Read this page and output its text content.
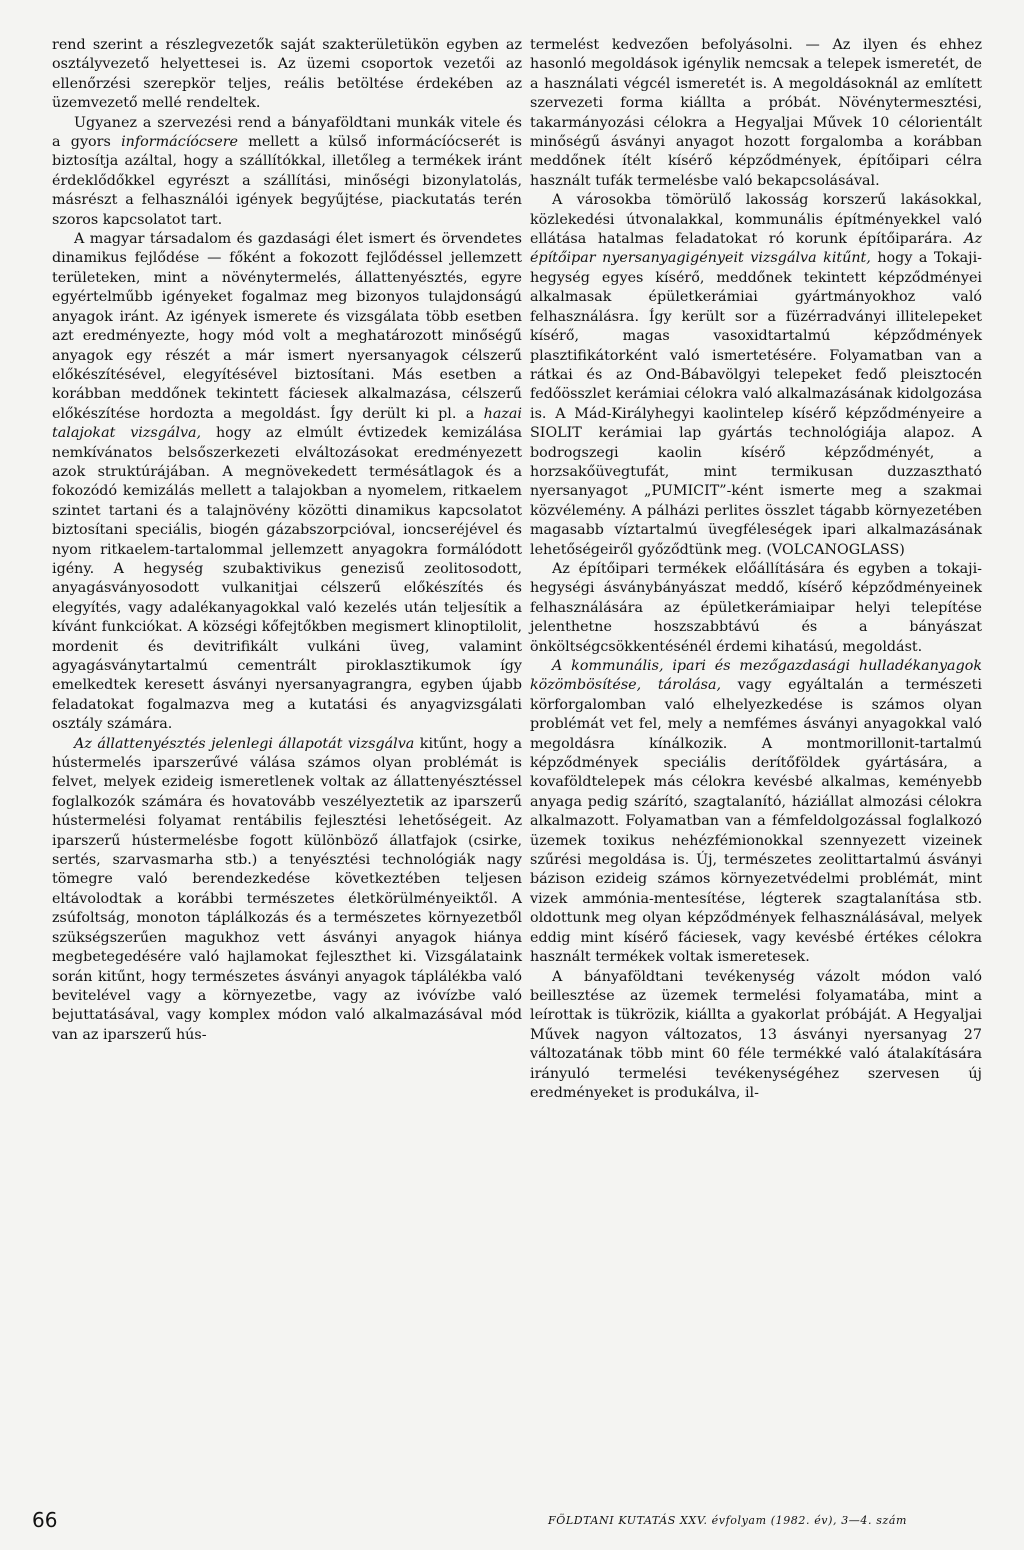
rend szerint a részlegvezetők saját szakterületükön egyben az osztályvezető helyettesei is. Az üzemi csoportok vezetői az ellenőrzési szerepkör teljes, reális betöltése érdekében az üzemvezető mellé rendeltek.

Ugyanez a szervezési rend a bányaföldtani munkák vitele és a gyors informácíócsere mellett a külső informácíócserét is biztosítja azáltal, hogy a szállítókkal, illetőleg a termékek iránt érdeklődőkkel egyrészt a szállítási, minőségi bizonylatolás, másrészt a felhasználói igények begyűjtése, piackutatás terén szoros kapcsolatot tart.

A magyar társadalom és gazdasági élet ismert és örvendetes dinamikus fejlődése — főként a fokozott fejlődéssel jellemzett területeken, mint a növénytermelés, állattenyésztés, egyre egyértelműbb igényeket fogalmaz meg bizonyos tulajdonságú anyagok iránt. Az igények ismerete és vizsgálata több esetben azt eredményezte, hogy mód volt a meghatározott minőségű anyagok egy részét a már ismert nyersanyagok célszerű előkészítésével, elegyítésével biztosítani. Más esetben a korábban meddőnek tekintett fáciesek alkalmazása, célszerű előkészítése hordozta a megoldást. Így derült ki pl. a hazai talajokat vizsgálva, hogy az elmúlt évtizedek kemizálása nemkívánatos belsőszerkezeti elváltozásokat eredményezett azok struktúrájában. A megnövekedett termésátlagok és a fokozódó kemizálás mellett a talajokban a nyomelem, ritkaelem szintet tartani és a talajnövény közötti dinamikus kapcsolatot biztosítani speciális, biogén gázabszorpcióval, ioncseréjével és nyom ritkaelem-tartalommal jellemzett anyagokra formálódott igény. A hegység szubaktivikus genezisű zeolitosodott, anyagásványosodott vulkanitjai célszerű előkészítés és elegyítés, vagy adalékanyagokkal való kezelés után teljesítik a kívánt funkciókat. A községi kőfejtőkben megismert klinoptilolit, mordenit és devitrifikált vulkáni üveg, valamint agyagásványtartalmú cementrált piroklasztikumok így emelkedtek keresett ásványi nyersanyagrangra, egyben újabb feladatokat fogalmazva meg a kutatási és anyagvizsgálati osztály számára.

Az állattenyésztés jelenlegi állapotát vizsgálva kitűnt, hogy a hústermelés iparszerűvé válása számos olyan problémát is felvet, melyek ezideig ismeretlenek voltak az állattenyésztéssel foglalkozók számára és hovatovább veszélyeztetik az iparszerű hústermelési folyamat rentábilis fejlesztési lehetőségeit. Az iparszerű hústermelésbe fogott különböző állatfajok (csirke, sertés, szarvasmarha stb.) a tenyésztési technológiák nagy tömegre való berendezkedése következtében teljesen eltávolodtak a korábbi természetes életkörülményeiktől. A zsúfoltság, monoton táplálkozás és a természetes környezetből szükségszerűen magukhoz vett ásványi anyagok hiánya megbetegedésére való hajlamokat fejleszthet ki. Vizsgálataink során kitűnt, hogy természetes ásványi anyagok táplálékba való bevitelével vagy a környezetbe, vagy az ivóvízbe való bejuttatásával, vagy komplex módon való alkalmazásával mód van az iparszerű hús-

termelést kedvezően befolyásolni. — Az ilyen és ehhez hasonló megoldások igénylik nemcsak a telepek ismeretét, de a használati végcél ismeretét is. A megoldásoknál az említett szervezeti forma kiállta a próbát. Növénytermesztési, takarmányozási célokra a Hegyaljai Művek 10 célorientált minőségű ásványi anyagot hozott forgalomba a korábban meddőnek ítélt kísérő képződmények, építőipari célra használt tufák termelésbe való bekapcsolásával.

A városokba tömörülő lakosság korszerű lakásokkal, közlekedési útvonalakkal, kommunális építményekkel való ellátása hatalmas feladatokat ró korunk építőiparára. Az építőipar nyersanyagigényeit vizsgálva kitűnt, hogy a Tokaji-hegység egyes kísérő, meddőnek tekintett képződményei alkalmasak épületkerámiai gyártmányokhoz való felhasználásra. Így került sor a füzérradványi illitelepeket kísérő, magas vasoxidtartalmú képződmények plasztifikátorként való ismertetésére. Folyamatban van a rátkai és az Ond-Bábavölgyi telepeket fedő pleisztocén fedőösszlet kerámiai célokra való alkalmazásának kidolgozása is. A Mád-Királyhegyi kaolintelep kísérő képződményeire a SIOLIT kerámiai lap gyártás technológiája alapoz. A bodrogszegi kaolin kísérő képződményét, a horzsakőüvegtufát, mint termikusan duzzasztható nyersanyagot „PUMICIT”-ként ismerte meg a szakmai közvélemény. A pálházi perlites összlet tágabb környezetében magasabb víztartalmú üvegféleségek ipari alkalmazásának lehetőségeiről győződtünk meg. (VOLCANOGLASS)

Az építőipari termékek előállítására és egyben a tokaji-hegységi ásványbányászat meddő, kísérő képződményeinek felhasználására az épületkerámiaipar helyi telepítése jelenthetne hoszszabbtávú és a bányászat önköltségcsökkentésénél érdemi kihatású, megoldást.

A kommunális, ipari és mezőgazdasági hulladékanyagok közömbösítése, tárolása, vagy egyáltalán a természeti körforgalomban való elhelyezkedése is számos olyan problémát vet fel, mely a nemfémes ásványi anyagokkal való megoldásra kínálkozik. A montmorillonit-tartalmú képződmények speciális derítőföldek gyártására, a kovaföldtelepek más célokra kevésbé alkalmas, keményebb anyaga pedig szárító, szagtalanító, háziállat almozási célokra alkalmazott. Folyamatban van a fémfeldolgozással foglalkozó üzemek toxikus nehézfémionokkal szennyezett vizeinek szűrési megoldása is. Új, természetes zeolittartalmú ásványi bázison ezideig számos környezetvédelmi problémát, mint vizek ammónia-mentesítése, légterek szagtalanítása stb. oldottunk meg olyan képződmények felhasználásával, melyek eddig mint kísérő fáciesek, vagy kevésbé értékes célokra használt termékek voltak ismeretesek.

A bányaföldtani tevékenység vázolt módon való beillesztése az üzemek termelési folyamatába, mint a leírottak is tükrözik, kiállta a gyakorlat próbáját. A Hegyaljai Művek nagyon változatos, 13 ásványi nyersanyag 27 változatának több mint 60 féle termékké való átalakítására irányuló termelési tevékenységéhez szervesen új eredményeket is produkálva, il-

66	FÖLDTANI KUTATÁS XXV. évfolyam (1982. év), 3—4. szám
